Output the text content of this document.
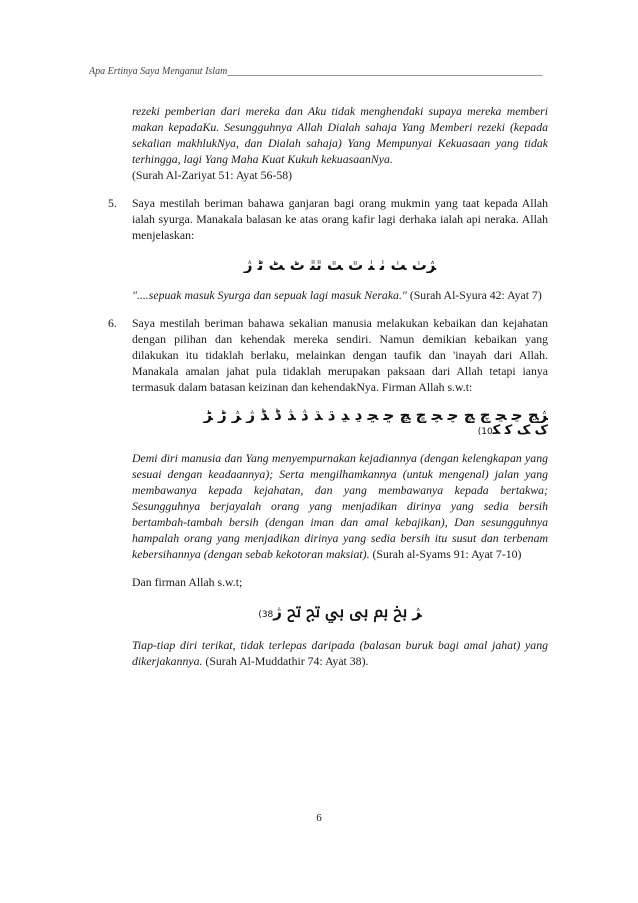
Apa Ertinya Saya Menganut Islam_______________________________________________________________

rezeki pemberian dari mereka dan Aku tidak menghendaki supaya mereka memberi makan kepadaKu. Sesungguhnya Allah Dialah sahaja Yang Memberi rezeki (kepada sekalian makhlukNya, dan Dialah sahaja) Yang Mempunyai Kekuasaan yang tidak terhingga, lagi Yang Maha Kuat Kukuh kekuasaanNya.

(Surah Al-Zariyat 51: Ayat 56-58)

5. Saya mestilah beriman bahawa ganjaran bagi orang mukmin yang taat kepada Allah ialah syurga. Manakala balasan ke atas orang kafir lagi derhaka ialah api neraka. Allah menjelaskan:

ﮋﭞ ﭟ ﭠ ﭡ ﭢ ﭣ ﭤﭥ ﭦ ﭧ ﭨ ﮊ

"....sepuak masuk Syurga dan sepuak lagi masuk Neraka." (Surah Al-Syura 42: Ayat 7)

6. Saya mestilah beriman bahawa sekalian manusia melakukan kebaikan dan kejahatan dengan pilihan dan kehendak mereka sendiri. Namun demikian kebaikan yang dilakukan itu tidaklah berlaku, melainkan dengan taufik dan 'inayah dari Allah. Manakala amalan jahat pula tidaklah merupakan paksaan dari Allah tetapi ianya termasuk dalam batasan keizinan dan kehendakNya. Firman Allah s.w.t:

ﮋﭷ ﭸ ﭹ ﭺ ﭻ ﭼ ﭽ ﭾ ﭿ ﮀ ﮁ ﮂ ﮃ ﮄ ﮅ ﮆ ﮇ ﮈ ﮉ ﮊ ﮋ ﮌ ﮍ
(10ﮎ ﮏ ﮐ ﮑ

Demi diri manusia dan Yang menyempurnakan kejadiannya (dengan kelengkapan yang sesuai dengan keadaannya); Serta mengilhamkannya (untuk mengenal) jalan yang membawanya kepada kejahatan, dan yang membawanya kepada bertakwa; Sesungguhnya berjayalah orang yang menjadikan dirinya yang sedia bersih bertambah-tambah bersih (dengan iman dan amal kebajikan), Dan sesungguhnya hampalah orang yang menjadikan dirinya yang sedia bersih itu susut dan terbenam kebersihannya (dengan sebab kekotoran maksiat). (Surah al-Syams 91: Ayat 7-10)

Dan firman Allah s.w.t;

(38ﮋ ﰇ ﰈ ﰉ ﰊ ﰋ ﰌ ﮊ

Tiap-tiap diri terikat, tidak terlepas daripada (balasan buruk bagi amal jahat) yang dikerjakannya. (Surah Al-Muddathir 74: Ayat 38).

6
